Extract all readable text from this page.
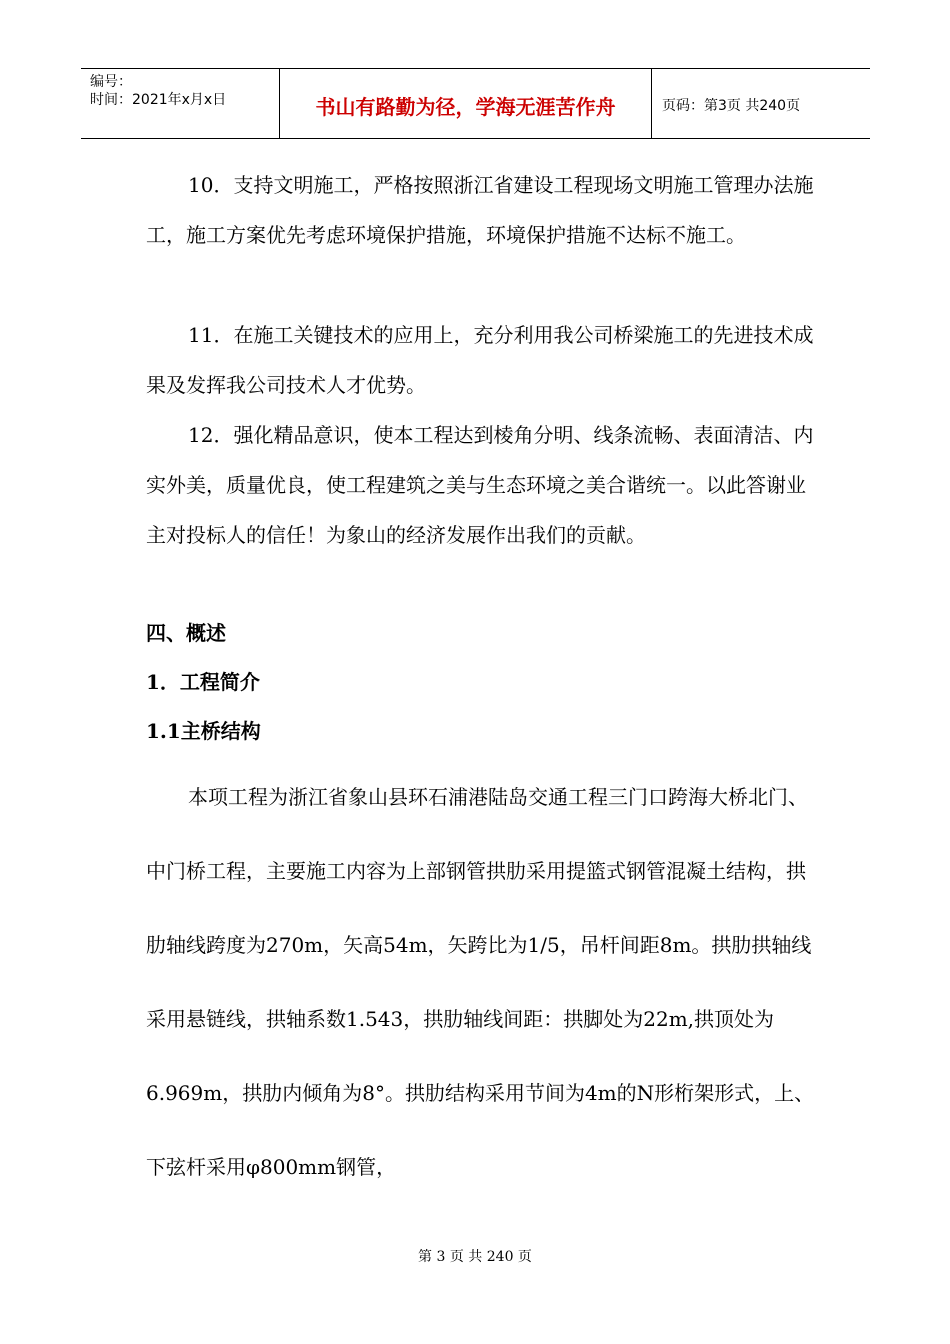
编号：
时间：2021年x月x日	书山有路勤为径，学海无涯苦作舟	页码：第3页 共240页

10．支持文明施工，严格按照浙江省建设工程现场文明施工管理办法施工，施工方案优先考虑环境保护措施，环境保护措施不达标不施工。

11．在施工关键技术的应用上，充分利用我公司桥梁施工的先进技术成果及发挥我公司技术人才优势。

12．强化精品意识，使本工程达到棱角分明、线条流畅、表面清洁、内实外美，质量优良，使工程建筑之美与生态环境之美合谐统一。以此答谢业主对投标人的信任！为象山的经济发展作出我们的贡献。

四、概述
1．工程简介
1.1主桥结构

本项工程为浙江省象山县环石浦港陆岛交通工程三门口跨海大桥北门、中门桥工程，主要施工内容为上部钢管拱肋采用提篮式钢管混凝土结构，拱肋轴线跨度为270m，矢高54m，矢跨比为1/5，吊杆间距8m。拱肋拱轴线采用悬链线，拱轴系数1.543，拱肋轴线间距：拱脚处为22m,拱顶处为6.969m，拱肋内倾角为8°。拱肋结构采用节间为4m的N形桁架形式，上、下弦杆采用φ800mm钢管，

第 3 页 共 240 页
